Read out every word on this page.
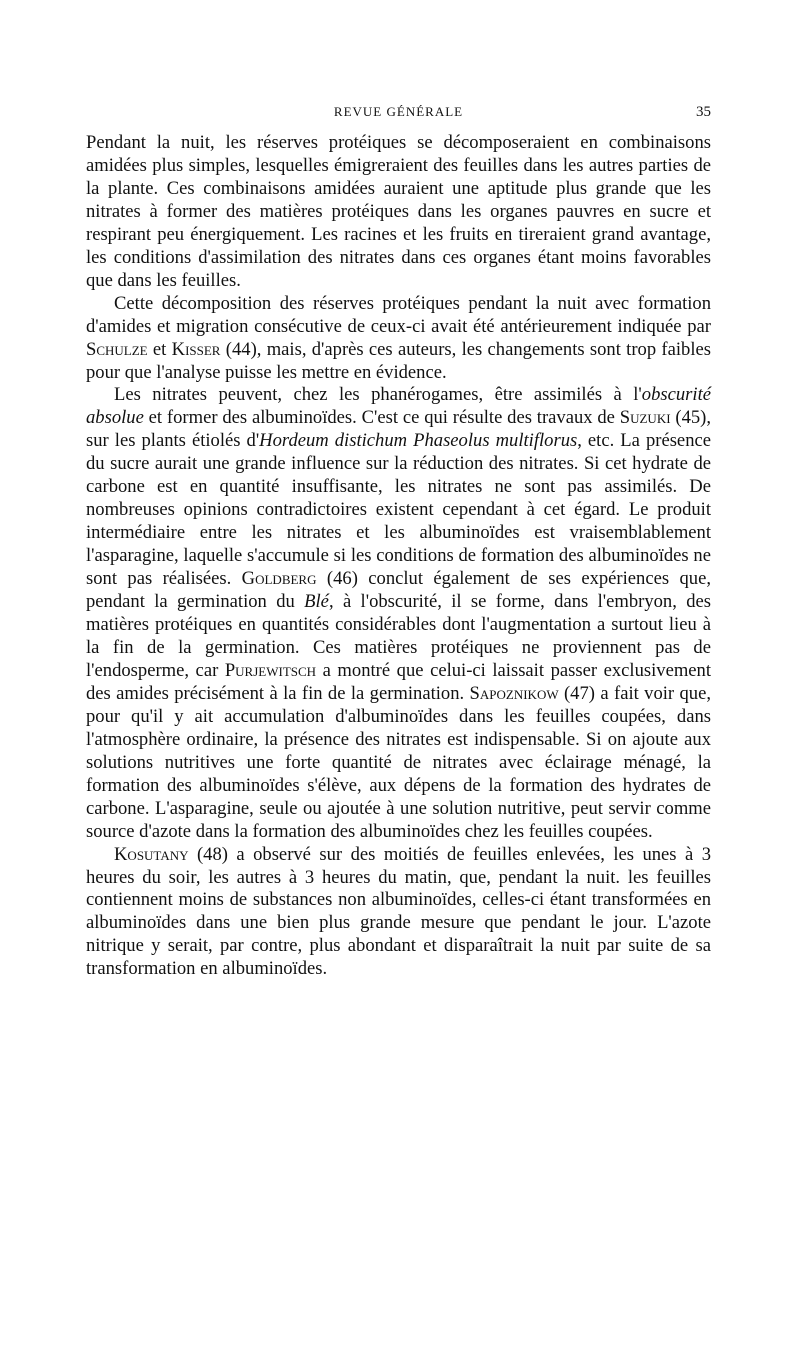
REVUE GÉNÉRALE	35

Pendant la nuit, les réserves protéiques se décomposeraient en combinaisons amidées plus simples, lesquelles émigreraient des feuilles dans les autres parties de la plante. Ces combinaisons amidées auraient une aptitude plus grande que les nitrates à former des matières protéiques dans les organes pauvres en sucre et respirant peu énergiquement. Les racines et les fruits en tireraient grand avantage, les conditions d'assimilation des nitrates dans ces organes étant moins favorables que dans les feuilles.

Cette décomposition des réserves protéiques pendant la nuit avec formation d'amides et migration consécutive de ceux-ci avait été antérieurement indiquée par Schulze et Kisser (44), mais, d'après ces auteurs, les changements sont trop faibles pour que l'analyse puisse les mettre en évidence.

Les nitrates peuvent, chez les phanérogames, être assimilés à l'obscurité absolue et former des albuminoïdes. C'est ce qui résulte des travaux de Suzuki (45), sur les plants étiolés d'Hordeum distichum Phaseolus multiflorus, etc. La présence du sucre aurait une grande influence sur la réduction des nitrates. Si cet hydrate de carbone est en quantité insuffisante, les nitrates ne sont pas assimilés. De nombreuses opinions contradictoires existent cependant à cet égard. Le produit intermédiaire entre les nitrates et les albuminoïdes est vraisemblablement l'asparagine, laquelle s'accumule si les conditions de formation des albuminoïdes ne sont pas réalisées. Goldberg (46) conclut également de ses expériences que, pendant la germination du Blé, à l'obscurité, il se forme, dans l'embryon, des matières protéiques en quantités considérables dont l'augmentation a surtout lieu à la fin de la germination. Ces matières protéiques ne proviennent pas de l'endosperme, car Purjewitsch a montré que celui-ci laissait passer exclusivement des amides précisément à la fin de la germination. Sapoznikow (47) a fait voir que, pour qu'il y ait accumulation d'albuminoïdes dans les feuilles coupées, dans l'atmosphère ordinaire, la présence des nitrates est indispensable. Si on ajoute aux solutions nutritives une forte quantité de nitrates avec éclairage ménagé, la formation des albuminoïdes s'élève, aux dépens de la formation des hydrates de carbone. L'asparagine, seule ou ajoutée à une solution nutritive, peut servir comme source d'azote dans la formation des albuminoïdes chez les feuilles coupées.

Kosutany (48) a observé sur des moitiés de feuilles enlevées, les unes à 3 heures du soir, les autres à 3 heures du matin, que, pendant la nuit. les feuilles contiennent moins de substances non albuminoïdes, celles-ci étant transformées en albuminoïdes dans une bien plus grande mesure que pendant le jour. L'azote nitrique y serait, par contre, plus abondant et disparaîtrait la nuit par suite de sa transformation en albuminoïdes.
